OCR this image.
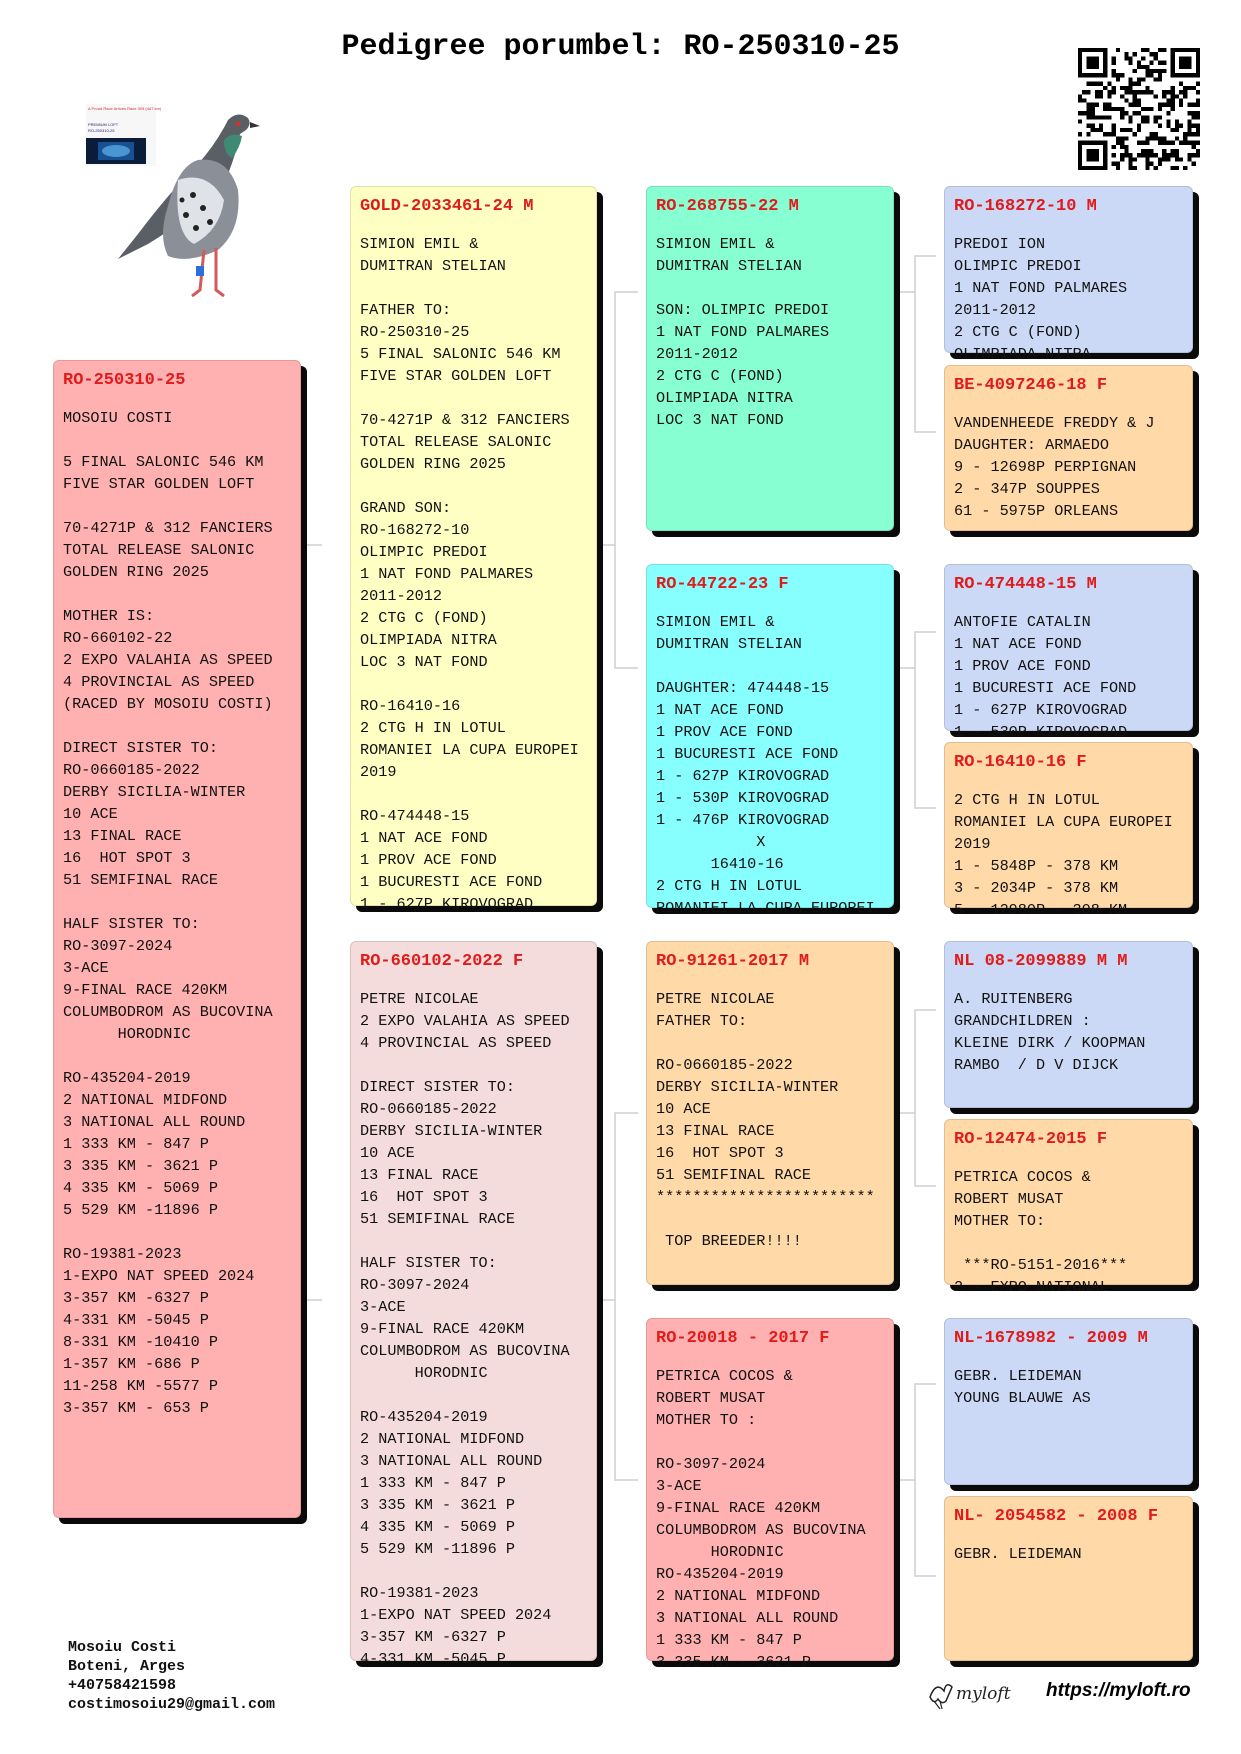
Pedigree porumbel: RO-250310-25
A Proud Race Arrives Race 305 (447 km)
PREMIUM LOFT
RO-250310-25
RO-250310-25
MOSOIU COSTI

5 FINAL SALONIC 546 KM
FIVE STAR GOLDEN LOFT

70-4271P & 312 FANCIERS
TOTAL RELEASE SALONIC
GOLDEN RING 2025

MOTHER IS:
RO-660102-22
2 EXPO VALAHIA AS SPEED
4 PROVINCIAL AS SPEED
(RACED BY MOSOIU COSTI)

DIRECT SISTER TO:
RO-0660185-2022
DERBY SICILIA-WINTER
10 ACE
13 FINAL RACE
16  HOT SPOT 3
51 SEMIFINAL RACE

HALF SISTER TO:
RO-3097-2024
3-ACE
9-FINAL RACE 420KM
COLUMBODROM AS BUCOVINA
HORODNIC

RO-435204-2019
2 NATIONAL MIDFOND
3 NATIONAL ALL ROUND
1 333 KM - 847 P
3 335 KM - 3621 P
4 335 KM - 5069 P
5 529 KM -11896 P

RO-19381-2023
1-EXPO NAT SPEED 2024
3-357 KM -6327 P
4-331 KM -5045 P
8-331 KM -10410 P
1-357 KM -686 P
11-258 KM -5577 P
3-357 KM - 653 P
GOLD-2033461-24 M
SIMION EMIL &
DUMITRAN STELIAN

FATHER TO:
RO-250310-25
5 FINAL SALONIC 546 KM
FIVE STAR GOLDEN LOFT

70-4271P & 312 FANCIERS
TOTAL RELEASE SALONIC
GOLDEN RING 2025

GRAND SON:
RO-168272-10
OLIMPIC PREDOI
1 NAT FOND PALMARES
2011-2012
2 CTG C (FOND)
OLIMPIADA NITRA
LOC 3 NAT FOND

RO-16410-16
2 CTG H IN LOTUL
ROMANIEI LA CUPA EUROPEI
2019

RO-474448-15
1 NAT ACE FOND
1 PROV ACE FOND
1 BUCURESTI ACE FOND
1 - 627P KIROVOGRAD
RO-660102-2022 F
PETRE NICOLAE
2 EXPO VALAHIA AS SPEED
4 PROVINCIAL AS SPEED

DIRECT SISTER TO:
RO-0660185-2022
DERBY SICILIA-WINTER
10 ACE
13 FINAL RACE
16  HOT SPOT 3
51 SEMIFINAL RACE

HALF SISTER TO:
RO-3097-2024
3-ACE
9-FINAL RACE 420KM
COLUMBODROM AS BUCOVINA
HORODNIC

RO-435204-2019
2 NATIONAL MIDFOND
3 NATIONAL ALL ROUND
1 333 KM - 847 P
3 335 KM - 3621 P
4 335 KM - 5069 P
5 529 KM -11896 P

RO-19381-2023
1-EXPO NAT SPEED 2024
3-357 KM -6327 P
4-331 KM -5045 P
RO-268755-22 M
SIMION EMIL &
DUMITRAN STELIAN

SON: OLIMPIC PREDOI
1 NAT FOND PALMARES
2011-2012
2 CTG C (FOND)
OLIMPIADA NITRA
LOC 3 NAT FOND
RO-44722-23 F
SIMION EMIL &
DUMITRAN STELIAN

DAUGHTER: 474448-15
1 NAT ACE FOND
1 PROV ACE FOND
1 BUCURESTI ACE FOND
1 - 627P KIROVOGRAD
1 - 530P KIROVOGRAD
1 - 476P KIROVOGRAD
X
16410-16
2 CTG H IN LOTUL
ROMANIEI LA CUPA EUROPEI
RO-91261-2017 M
PETRE NICOLAE
FATHER TO:

RO-0660185-2022
DERBY SICILIA-WINTER
10 ACE
13 FINAL RACE
16  HOT SPOT 3
51 SEMIFINAL RACE
************************

TOP BREEDER!!!!
RO-20018 - 2017 F
PETRICA COCOS &
ROBERT MUSAT
MOTHER TO :

RO-3097-2024
3-ACE
9-FINAL RACE 420KM
COLUMBODROM AS BUCOVINA
HORODNIC
RO-435204-2019
2 NATIONAL MIDFOND
3 NATIONAL ALL ROUND
1 333 KM - 847 P
3 335 KM - 3621 P
RO-168272-10 M
PREDOI ION
OLIMPIC PREDOI
1 NAT FOND PALMARES
2011-2012
2 CTG C (FOND)
OLIMPIADA NITRA
BE-4097246-18 F
VANDENHEEDE FREDDY & J
DAUGHTER: ARMAEDO
9 - 12698P PERPIGNAN
2 - 347P SOUPPES
61 - 5975P ORLEANS
RO-474448-15 M
ANTOFIE CATALIN
1 NAT ACE FOND
1 PROV ACE FOND
1 BUCURESTI ACE FOND
1 - 627P KIROVOGRAD
1 - 530P KIROVOGRAD
RO-16410-16 F
2 CTG H IN LOTUL
ROMANIEI LA CUPA EUROPEI
2019
1 - 5848P - 378 KM
3 - 2034P - 378 KM
5 - 12980P - 308 KM
NL 08-2099889 M M
A. RUITENBERG
GRANDCHILDREN :
KLEINE DIRK / KOOPMAN
RAMBO  / D V DIJCK
RO-12474-2015 F
PETRICA COCOS &
ROBERT MUSAT
MOTHER TO:

***RO-5151-2016***
2 - EXPO NATIONAL
NL-1678982 - 2009 M
GEBR. LEIDEMAN
YOUNG BLAUWE AS
NL- 2054582 - 2008 F
GEBR. LEIDEMAN
Mosoiu Costi
Boteni, Arges
+40758421598
costimosoiu29@gmail.com
myloft https://myloft.ro
